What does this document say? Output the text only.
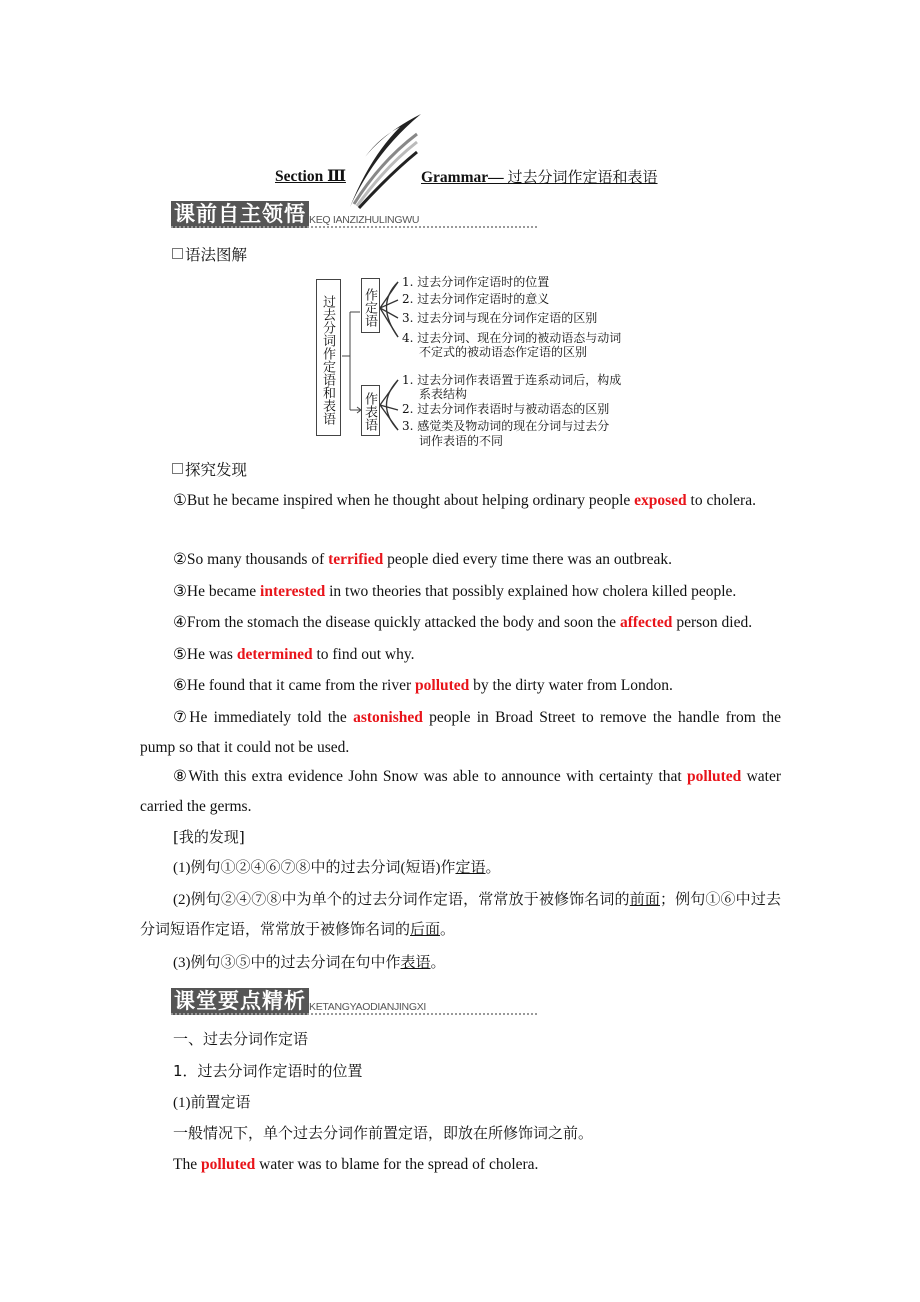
Section Ⅲ	Grammar— 过去分词作定语和表语
课前自主领悟 KEQ IANZIZHULINGWU
语法图解
过去分词作定语和表语	作定语
作表语
1. 过去分词作定语时的位置
2. 过去分词作定语时的意义
3. 过去分词与现在分词作定语的区别
4. 过去分词、现在分词的被动语态与动词
不定式的被动语态作定语的区别
1. 过去分词作表语置于连系动词后，构成
系表结构
2. 过去分词作表语时与被动语态的区别
3. 感觉类及物动词的现在分词与过去分
词作表语的不同
探究发现
①But he became inspired when he thought about helping ordinary people exposed to cholera.
②So many thousands of terrified people died every time there was an outbreak.
③He became interested in two theories that possibly explained how cholera killed people.
④From the stomach the disease quickly attacked the body and soon the affected person died.
⑤He was determined to find out why.
⑥He found that it came from the river polluted by the dirty water from London.
⑦He immediately told the astonished people in Broad Street to remove the handle from the pump so that it could not be used.
⑧With this extra evidence John Snow was able to announce with certainty that polluted water carried the germs.
[我的发现]
(1)例句①②④⑥⑦⑧中的过去分词(短语)作定语。
(2)例句②④⑦⑧中为单个的过去分词作定语，常常放于被修饰名词的前面；例句①⑥中过去分词短语作定语，常常放于被修饰名词的后面。
(3)例句③⑤中的过去分词在句中作表语。
课堂要点精析 KETANGYAODIANJINGXI
一、过去分词作定语
1．过去分词作定语时的位置
(1)前置定语
一般情况下，单个过去分词作前置定语，即放在所修饰词之前。
The polluted water was to blame for the spread of cholera.
